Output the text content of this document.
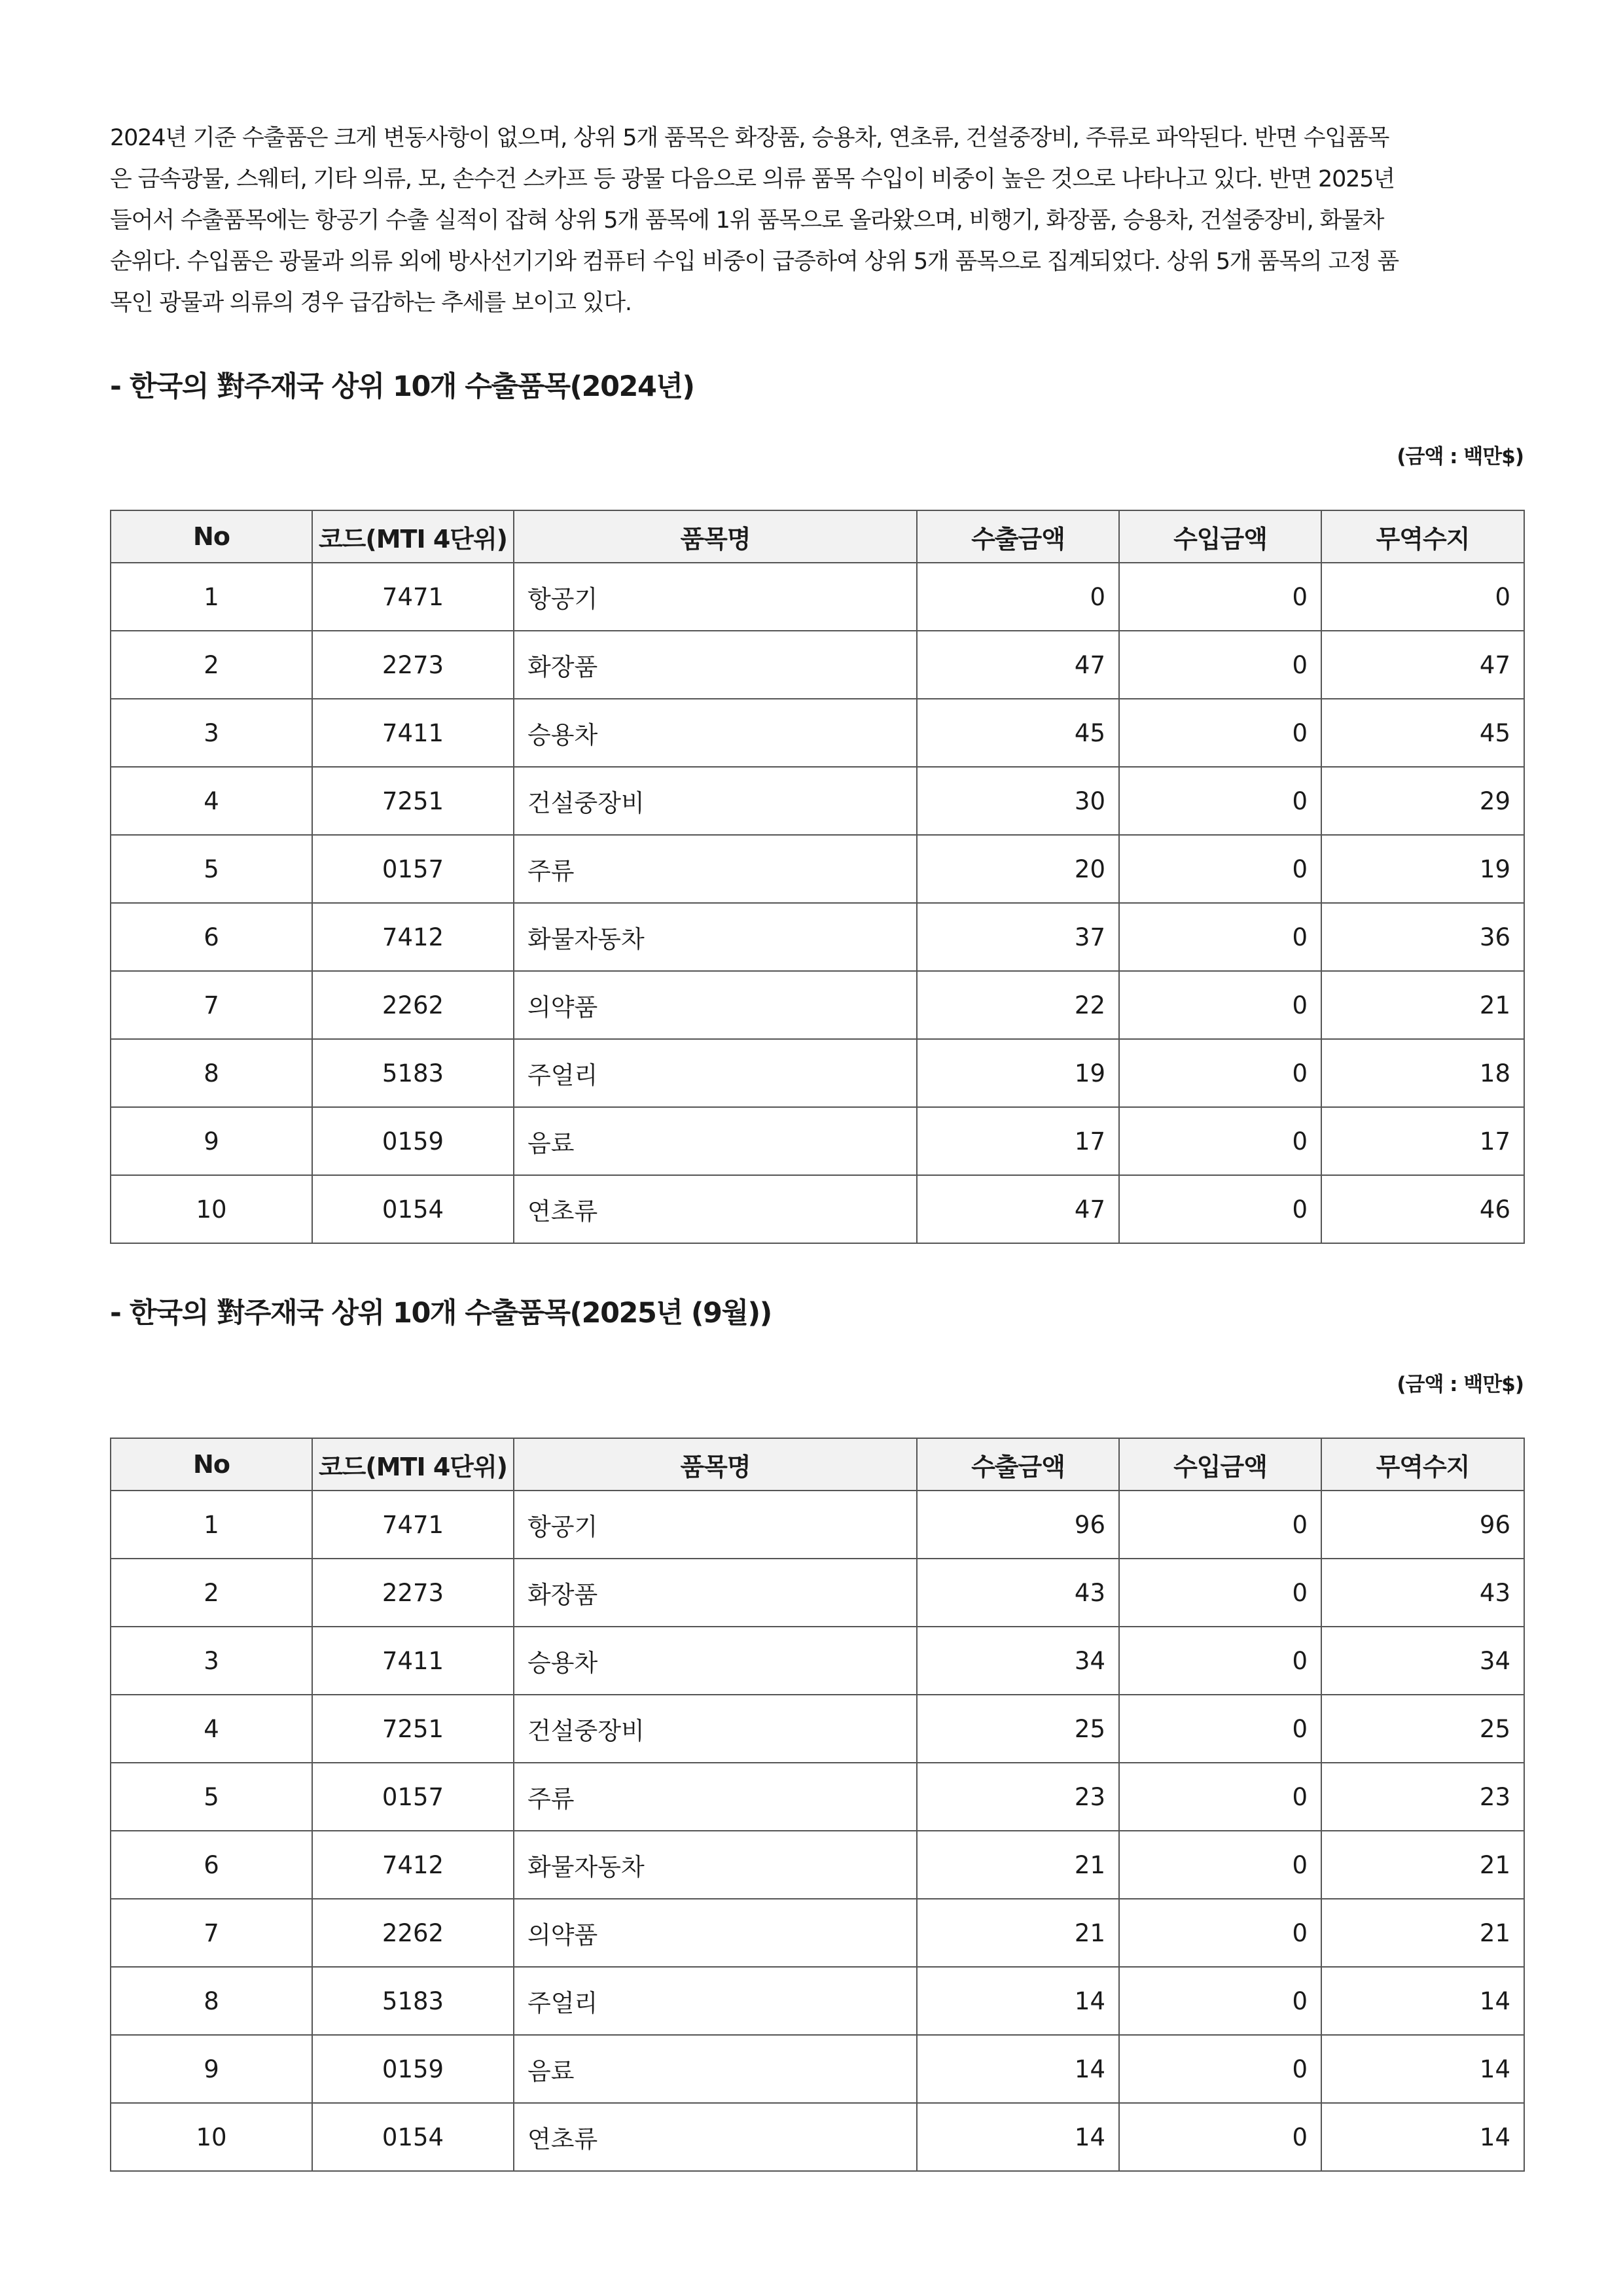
2024년 기준 수출품은 크게 변동사항이 없으며, 상위 5개 품목은 화장품, 승용차, 연초류, 건설중장비, 주류로 파악된다. 반면 수입품목
은 금속광물, 스웨터, 기타 의류, 모, 손수건 스카프 등 광물 다음으로 의류 품목 수입이 비중이 높은 것으로 나타나고 있다. 반면 2025년
들어서 수출품목에는 항공기 수출 실적이 잡혀 상위 5개 품목에 1위 품목으로 올라왔으며, 비행기, 화장품, 승용차, 건설중장비, 화물차
순위다. 수입품은 광물과 의류 외에 방사선기기와 컴퓨터 수입 비중이 급증하여 상위 5개 품목으로 집계되었다. 상위 5개 품목의 고정 품
목인 광물과 의류의 경우 급감하는 추세를 보이고 있다.
- 한국의 對주재국 상위 10개 수출품목(2024년)
(금액 : 백만$)
No	코드(MTI 4단위)	품목명	수출금액	수입금액	무역수지
1	7471	항공기	0	0	0
2	2273	화장품	47	0	47
3	7411	승용차	45	0	45
4	7251	건설중장비	30	0	29
5	0157	주류	20	0	19
6	7412	화물자동차	37	0	36
7	2262	의약품	22	0	21
8	5183	주얼리	19	0	18
9	0159	음료	17	0	17
10	0154	연초류	47	0	46
- 한국의 對주재국 상위 10개 수출품목(2025년 (9월))
(금액 : 백만$)
No	코드(MTI 4단위)	품목명	수출금액	수입금액	무역수지
1	7471	항공기	96	0	96
2	2273	화장품	43	0	43
3	7411	승용차	34	0	34
4	7251	건설중장비	25	0	25
5	0157	주류	23	0	23
6	7412	화물자동차	21	0	21
7	2262	의약품	21	0	21
8	5183	주얼리	14	0	14
9	0159	음료	14	0	14
10	0154	연초류	14	0	14
